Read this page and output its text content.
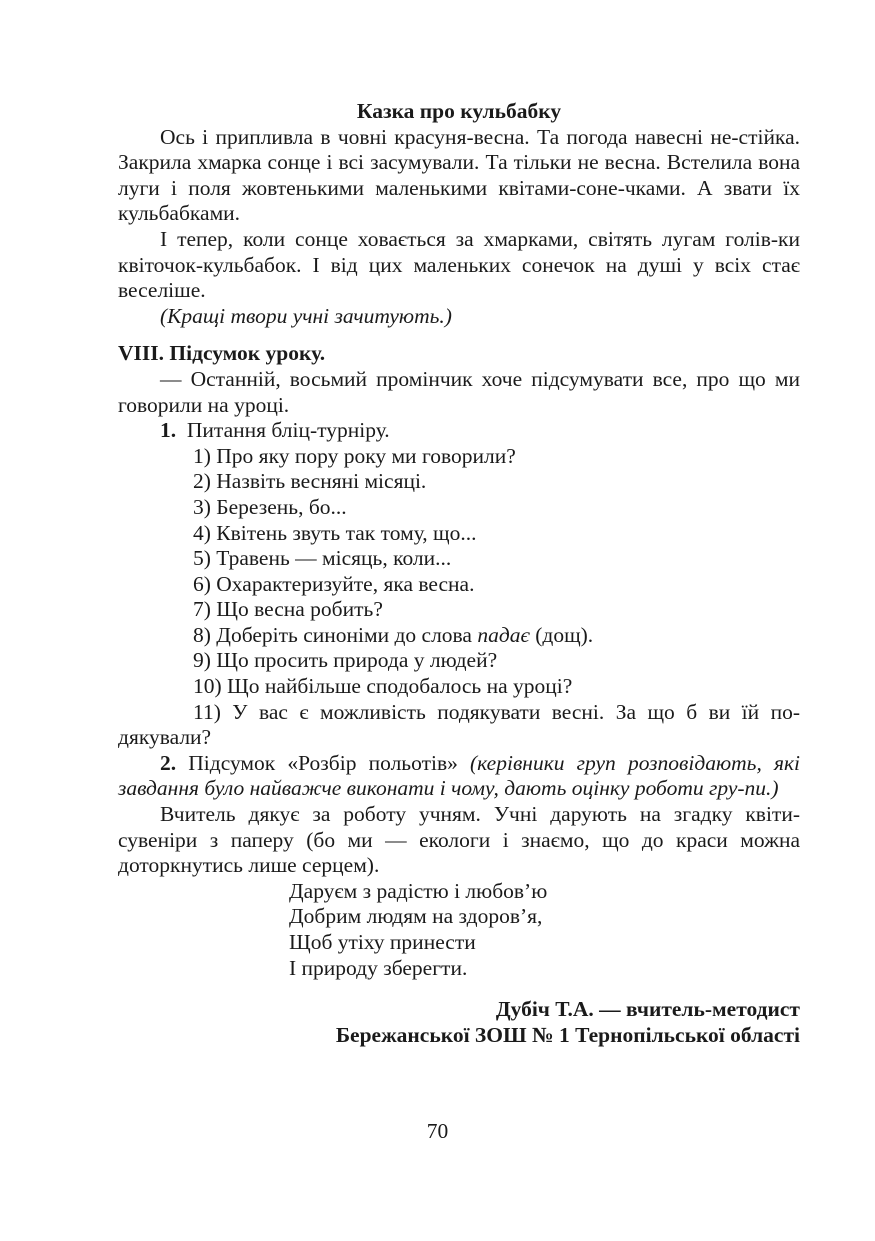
Казка про кульбабку

Ось і припливла в човні красуня-весна. Та погода навесні не-стійка. Закрила хмарка сонце і всі засумували. Та тільки не весна. Встелила вона луги і поля жовтенькими маленькими квітами-соне-чками. А звати їх кульбабками.

І тепер, коли сонце ховається за хмарками, світять лугам голів-ки квіточок-кульбабок. І від цих маленьких сонечок на душі у всіх стає веселіше.

(Кращі твори учні зачитують.)

VIII. Підсумок уроку.

— Останній, восьмий промінчик хоче підсумувати все, про що ми говорили на уроці.

1. Питання бліц-турніру.

1) Про яку пору року ми говорили?

2) Назвіть весняні місяці.

3) Березень, бо...

4) Квітень звуть так тому, що...

5) Травень — місяць, коли...

6) Охарактеризуйте, яка весна.

7) Що весна робить?

8) Доберіть синоніми до слова падає (дощ).

9) Що просить природа у людей?

10) Що найбільше сподобалось на уроці?

11) У вас є можливість подякувати весні. За що б ви їй по-дякували?

2. Підсумок «Розбір польотів» (керівники груп розповідають, які завдання було найважче виконати і чому, дають оцінку роботи гру-пи.)

Вчитель дякує за роботу учням. Учні дарують на згадку квіти-сувеніри з паперу (бо ми — екологи і знаємо, що до краси можна доторкнутись лише серцем).

Даруєм з радістю і любов’ю

Добрим людям на здоров’я,

Щоб утіху принести

І природу зберегти.

Дубіч Т.А. — вчитель-методист
Бережанської ЗОШ № 1 Тернопільської області
70
